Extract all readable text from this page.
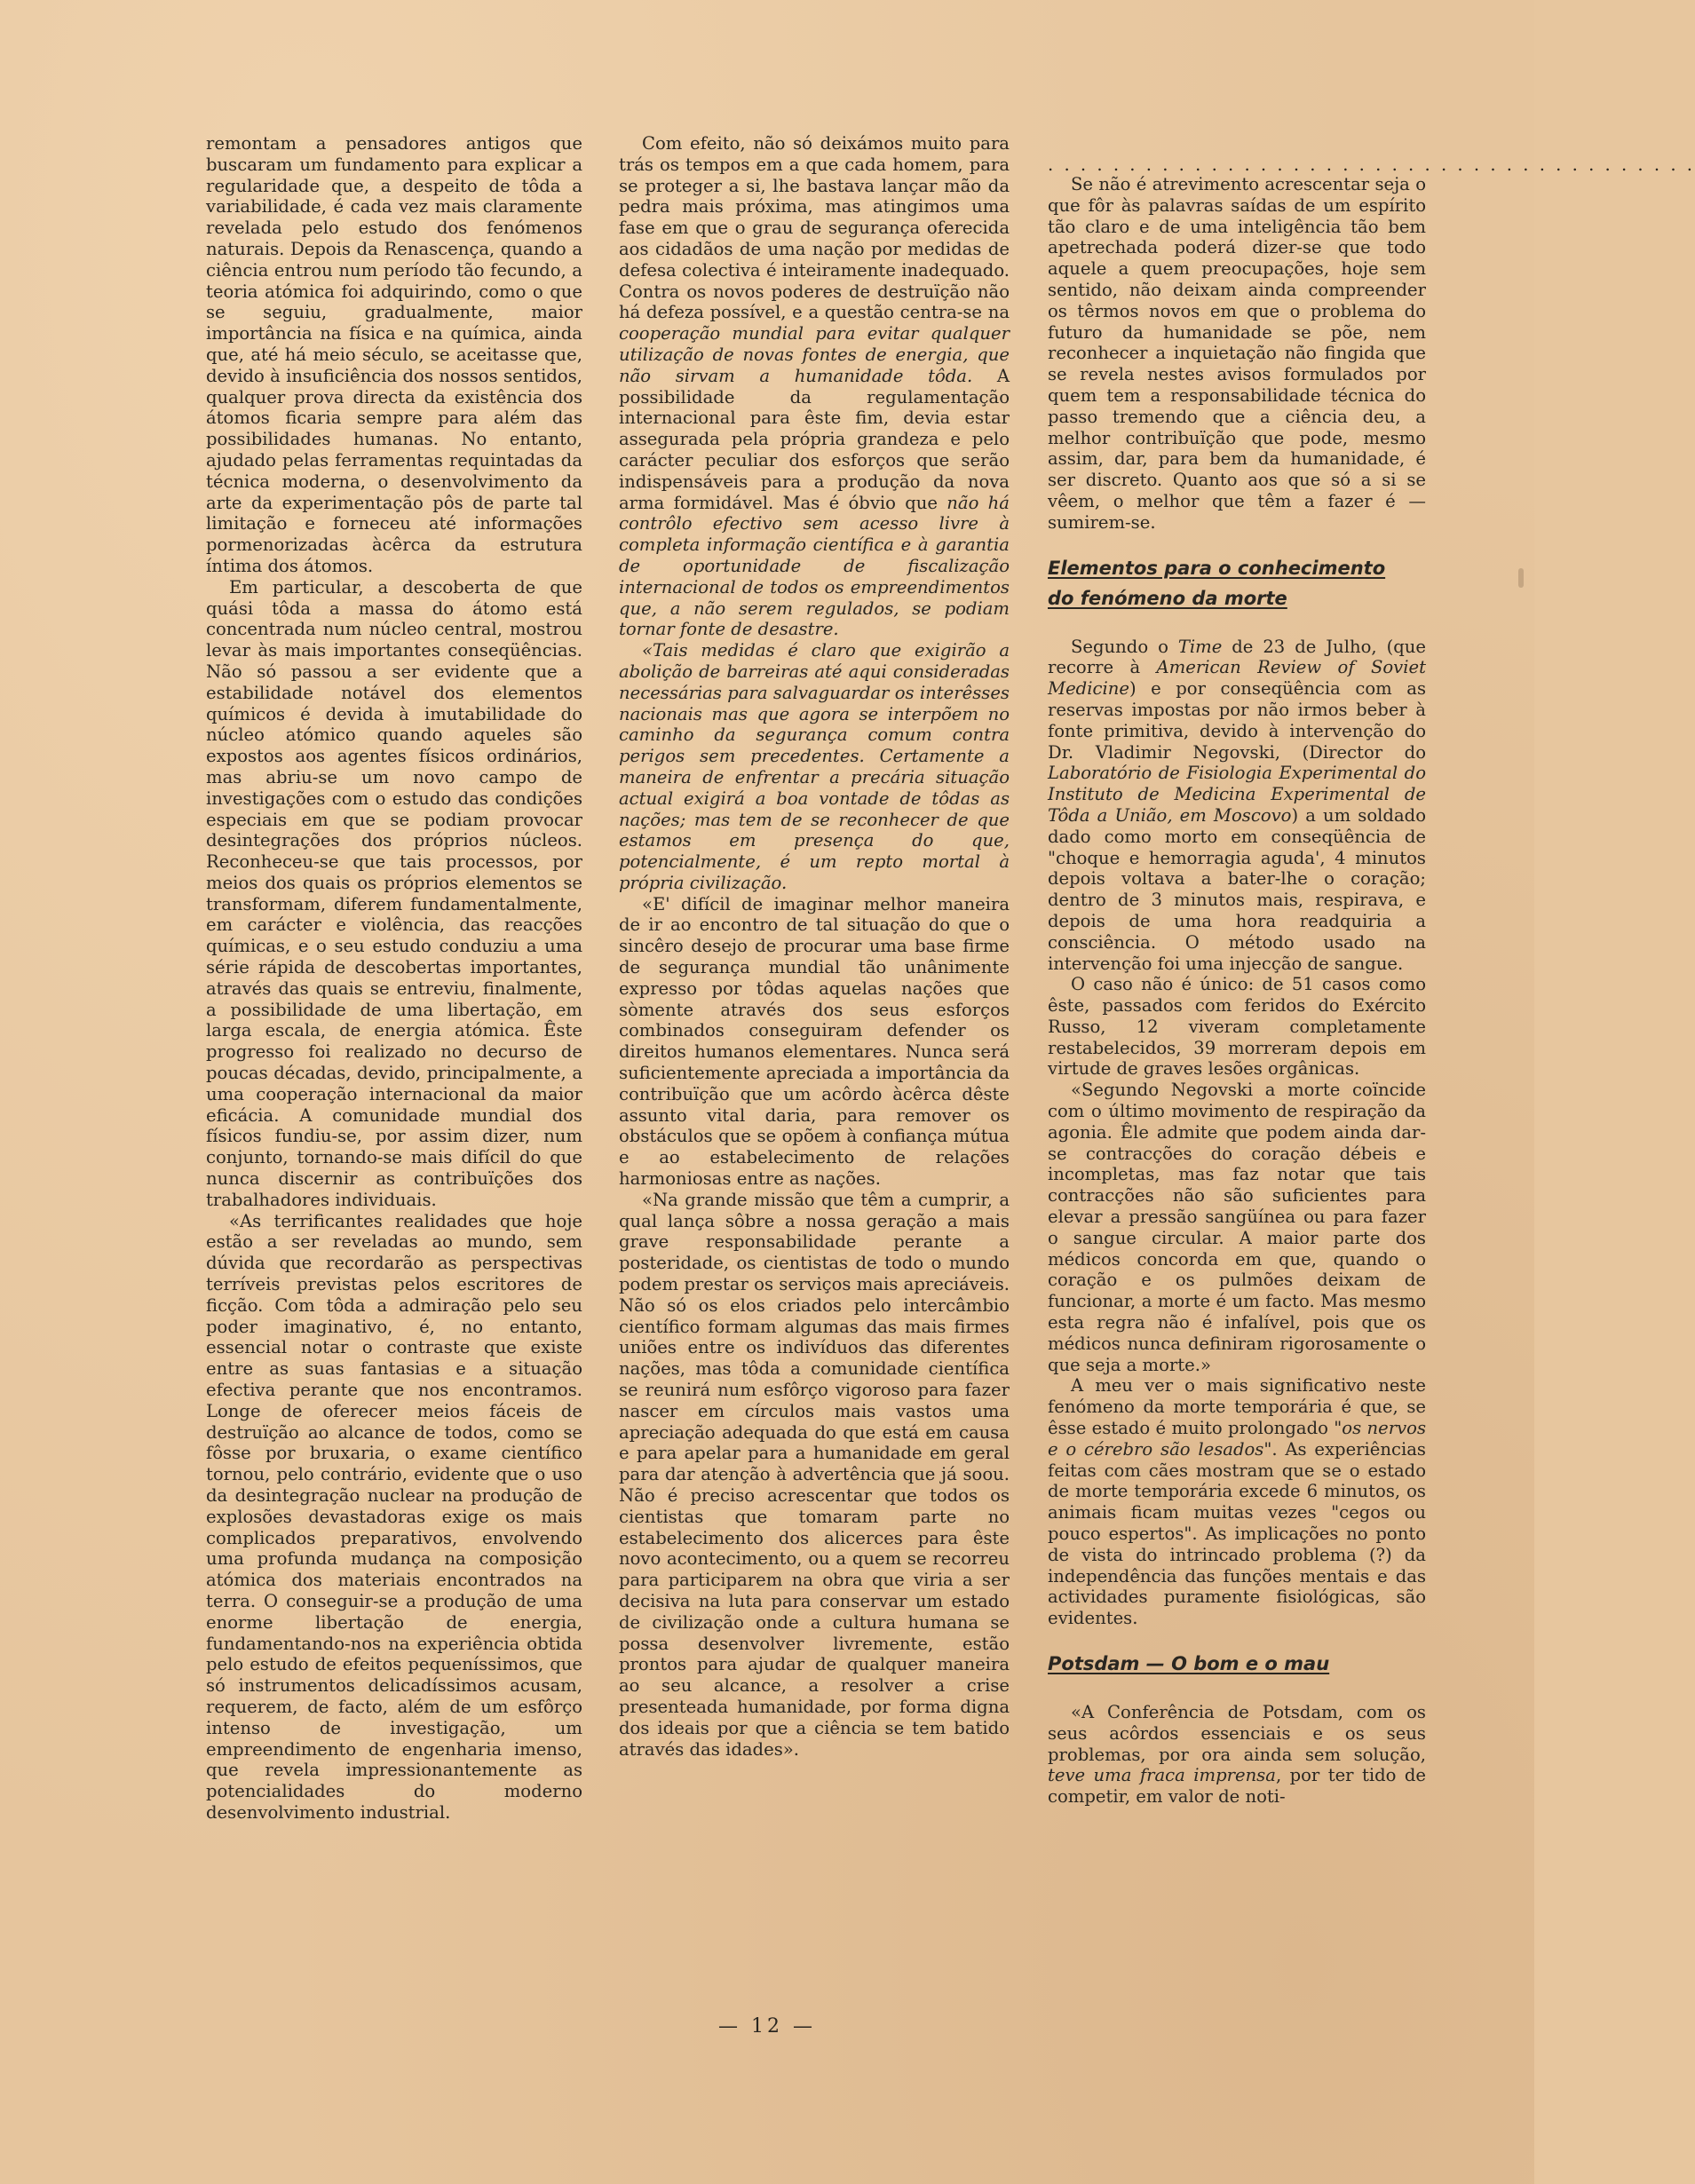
remontam a pensadores antigos que buscaram um fundamento para explicar a regularidade que, a despeito de tôda a variabilidade, é cada vez mais claramente revelada pelo estudo dos fenómenos naturais. Depois da Renascença, quando a ciência entrou num período tão fecundo, a teoria atómica foi adquirindo, como o que se seguiu, gradualmente, maior importância na física e na química, ainda que, até há meio século, se aceitasse que, devido à insuficiência dos nossos sentidos, qualquer prova directa da existência dos átomos ficaria sempre para além das possibilidades humanas. No entanto, ajudado pelas ferramentas requintadas da técnica moderna, o desenvolvimento da arte da experimentação pôs de parte tal limitação e forneceu até informações pormenorizadas àcêrca da estrutura íntima dos átomos.

Em particular, a descoberta de que quási tôda a massa do átomo está concentrada num núcleo central, mostrou levar às mais importantes conseqüências. Não só passou a ser evidente que a estabilidade notável dos elementos químicos é devida à imutabilidade do núcleo atómico quando aqueles são expostos aos agentes físicos ordinários, mas abriu-se um novo campo de investigações com o estudo das condições especiais em que se podiam provocar desintegrações dos próprios núcleos. Reconheceu-se que tais processos, por meios dos quais os próprios elementos se transformam, diferem fundamentalmente, em carácter e violência, das reacções químicas, e o seu estudo conduziu a uma série rápida de descobertas importantes, através das quais se entreviu, finalmente, a possibilidade de uma libertação, em larga escala, de energia atómica. Êste progresso foi realizado no decurso de poucas décadas, devido, principalmente, a uma cooperação internacional da maior eficácia. A comunidade mundial dos físicos fundiu-se, por assim dizer, num conjunto, tornando-se mais difícil do que nunca discernir as contribuïções dos trabalhadores individuais.

«As terrificantes realidades que hoje estão a ser reveladas ao mundo, sem dúvida que recordarão as perspectivas terríveis previstas pelos escritores de ficção. Com tôda a admiração pelo seu poder imaginativo, é, no entanto, essencial notar o contraste que existe entre as suas fantasias e a situação efectiva perante que nos encontramos. Longe de oferecer meios fáceis de destruïção ao alcance de todos, como se fôsse por bruxaria, o exame científico tornou, pelo contrário, evidente que o uso da desintegração nuclear na produção de explosões devastadoras exige os mais complicados preparativos, envolvendo uma profunda mudança na composição atómica dos materiais encontrados na terra. O conseguir-se a produção de uma enorme libertação de energia, fundamentando-nos na experiência obtida pelo estudo de efeitos pequeníssimos, que só instrumentos delicadíssimos acusam, requerem, de facto, além de um esfôrço intenso de investigação, um empreendimento de engenharia imenso, que revela impressionantemente as potencialidades do moderno desenvolvimento industrial.

Com efeito, não só deixámos muito para trás os tempos em a que cada homem, para se proteger a si, lhe bastava lançar mão da pedra mais próxima, mas atingimos uma fase em que o grau de segurança oferecida aos cidadãos de uma nação por medidas de defesa colectiva é inteiramente inadequado. Contra os novos poderes de destruïção não há defeza possível, e a questão centra-se na cooperação mundial para evitar qualquer utilização de novas fontes de energia, que não sirvam a humanidade tôda. A possibilidade da regulamentação internacional para êste fim, devia estar assegurada pela própria grandeza e pelo carácter peculiar dos esforços que serão indispensáveis para a produção da nova arma formidável. Mas é óbvio que não há contrôlo efectivo sem acesso livre à completa informação científica e à garantia de oportunidade de fiscalização internacional de todos os empreendimentos que, a não serem regulados, se podiam tornar fonte de desastre.

«Tais medidas é claro que exigirão a abolição de barreiras até aqui consideradas necessárias para salvaguardar os interêsses nacionais mas que agora se interpõem no caminho da segurança comum contra perigos sem precedentes. Certamente a maneira de enfrentar a precária situação actual exigirá a boa vontade de tôdas as nações; mas tem de se reconhecer de que estamos em presença do que, potencialmente, é um repto mortal à própria civilização.

«E' difícil de imaginar melhor maneira de ir ao encontro de tal situação do que o sincêro desejo de procurar uma base firme de segurança mundial tão unânimente expresso por tôdas aquelas nações que sòmente através dos seus esforços combinados conseguiram defender os direitos humanos elementares. Nunca será suficientemente apreciada a importância da contribuïção que um acôrdo àcêrca dêste assunto vital daria, para remover os obstáculos que se opõem à confiança mútua e ao estabelecimento de relações harmoniosas entre as nações.

«Na grande missão que têm a cumprir, a qual lança sôbre a nossa geração a mais grave responsabilidade perante a posteridade, os cientistas de todo o mundo podem prestar os serviços mais apreciáveis. Não só os elos criados pelo intercâmbio científico formam algumas das mais firmes uniões entre os indivíduos das diferentes nações, mas tôda a comunidade científica se reunirá num esfôrço vigoroso para fazer nascer em círculos mais vastos uma apreciação adequada do que está em causa e para apelar para a humanidade em geral para dar atenção à advertência que já soou. Não é preciso acrescentar que todos os cientistas que tomaram parte no estabelecimento dos alicerces para êste novo acontecimento, ou a quem se recorreu para participarem na obra que viria a ser decisiva na luta para conservar um estado de civilização onde a cultura humana se possa desenvolver livremente, estão prontos para ajudar de qualquer maneira ao seu alcance, a resolver a crise presenteada humanidade, por forma digna dos ideais por que a ciência se tem batido através das idades».

. . . . . . . . . . . . . . . . . . . . . . . . . . . . . . . . . . . . . . . .

Se não é atrevimento acrescentar seja o que fôr às palavras saídas de um espírito tão claro e de uma inteligência tão bem apetrechada poderá dizer-se que todo aquele a quem preocupações, hoje sem sentido, não deixam ainda compreender os têrmos novos em que o problema do futuro da humanidade se põe, nem reconhecer a inquietação não fingida que se revela nestes avisos formulados por quem tem a responsabilidade técnica do passo tremendo que a ciência deu, a melhor contribuïção que pode, mesmo assim, dar, para bem da humanidade, é ser discreto. Quanto aos que só a si se vêem, o melhor que têm a fazer é — sumirem-se.

Elementos para o conhecimento
do fenómeno da morte

Segundo o Time de 23 de Julho, (que recorre à American Review of Soviet Medicine) e por conseqüência com as reservas impostas por não irmos beber à fonte primitiva, devido à intervenção do Dr. Vladimir Negovski, (Director do Laboratório de Fisiologia Experimental do Instituto de Medicina Experimental de Tôda a União, em Moscovo) a um soldado dado como morto em conseqüência de "choque e hemorragia aguda', 4 minutos depois voltava a bater-lhe o coração; dentro de 3 minutos mais, respirava, e depois de uma hora readquiria a consciência. O método usado na intervenção foi uma injecção de sangue.

O caso não é único: de 51 casos como êste, passados com feridos do Exército Russo, 12 viveram completamente restabelecidos, 39 morreram depois em virtude de graves lesões orgânicas.

«Segundo Negovski a morte coïncide com o último movimento de respiração da agonia. Êle admite que podem ainda dar-se contracções do coração débeis e incompletas, mas faz notar que tais contracções não são suficientes para elevar a pressão sangüínea ou para fazer o sangue circular. A maior parte dos médicos concorda em que, quando o coração e os pulmões deixam de funcionar, a morte é um facto. Mas mesmo esta regra não é infalível, pois que os médicos nunca definiram rigorosamente o que seja a morte.»

A meu ver o mais significativo neste fenómeno da morte temporária é que, se êsse estado é muito prolongado "os nervos e o cérebro são lesados". As experiências feitas com cães mostram que se o estado de morte temporária excede 6 minutos, os animais ficam muitas vezes "cegos ou pouco espertos". As implicações no ponto de vista do intrincado problema (?) da independência das funções mentais e das actividades puramente fisiológicas, são evidentes.

Potsdam — O bom e o mau

«A Conferência de Potsdam, com os seus acôrdos essenciais e os seus problemas, por ora ainda sem solução, teve uma fraca imprensa, por ter tido de competir, em valor de noti-

— 12 —
